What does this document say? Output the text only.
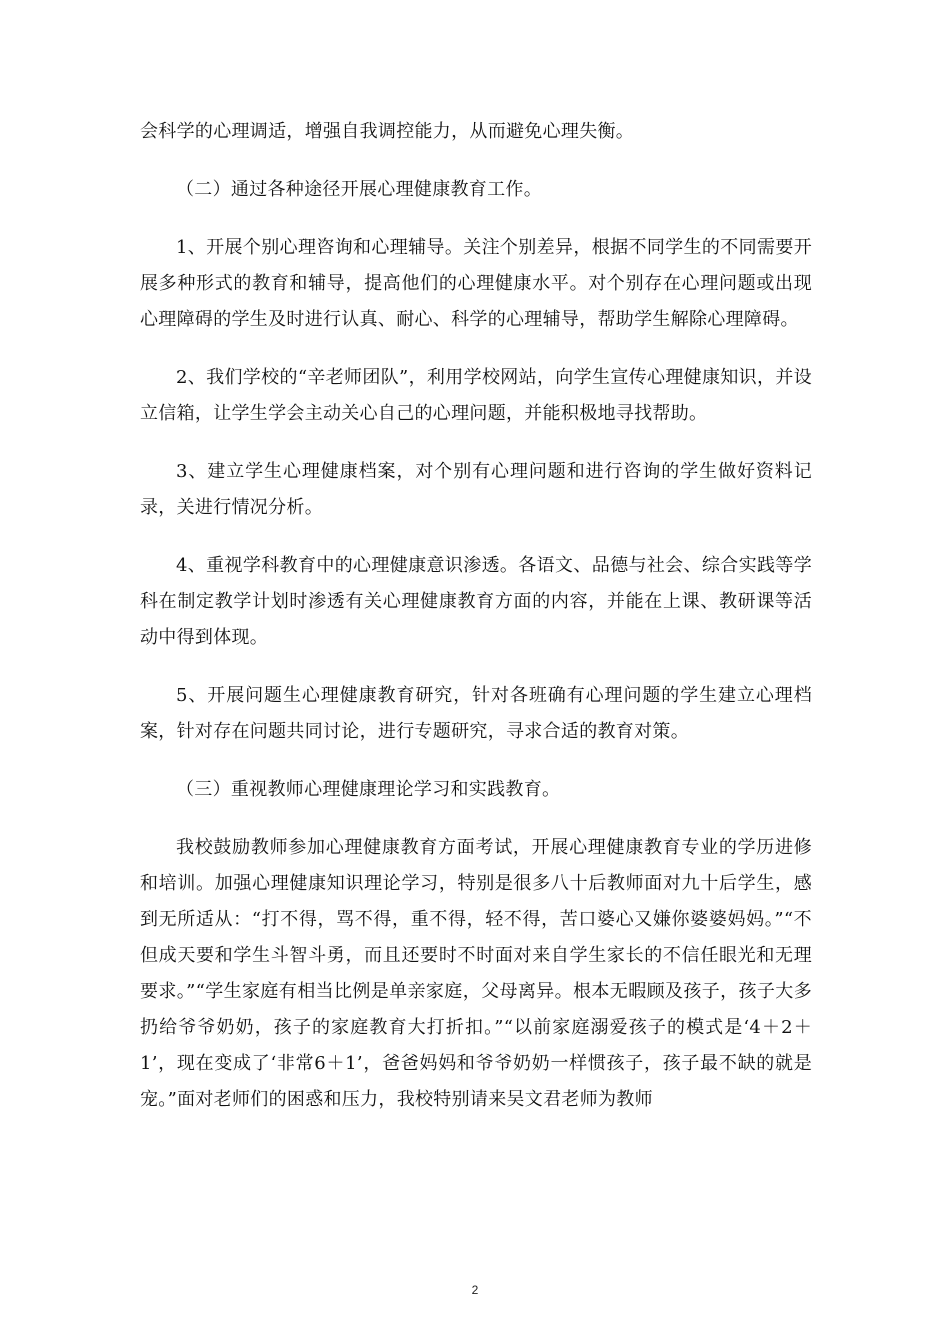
会科学的心理调适，增强自我调控能力，从而避免心理失衡。

（二）通过各种途径开展心理健康教育工作。

1、开展个别心理咨询和心理辅导。关注个别差异，根据不同学生的不同需要开展多种形式的教育和辅导，提高他们的心理健康水平。对个别存在心理问题或出现心理障碍的学生及时进行认真、耐心、科学的心理辅导，帮助学生解除心理障碍。

2、我们学校的“辛老师团队”，利用学校网站，向学生宣传心理健康知识，并设立信箱，让学生学会主动关心自己的心理问题，并能积极地寻找帮助。

3、建立学生心理健康档案，对个别有心理问题和进行咨询的学生做好资料记录，关进行情况分析。

4、重视学科教育中的心理健康意识渗透。各语文、品德与社会、综合实践等学科在制定教学计划时渗透有关心理健康教育方面的内容，并能在上课、教研课等活动中得到体现。

5、开展问题生心理健康教育研究，针对各班确有心理问题的学生建立心理档案，针对存在问题共同讨论，进行专题研究，寻求合适的教育对策。

（三）重视教师心理健康理论学习和实践教育。

我校鼓励教师参加心理健康教育方面考试，开展心理健康教育专业的学历进修和培训。加强心理健康知识理论学习，特别是很多八十后教师面对九十后学生，感到无所适从：“打不得，骂不得，重不得，轻不得，苦口婆心又嫌你婆婆妈妈。”“不但成天要和学生斗智斗勇，而且还要时不时面对来自学生家长的不信任眼光和无理要求。”“学生家庭有相当比例是单亲家庭，父母离异。根本无暇顾及孩子，孩子大多扔给爷爷奶奶，孩子的家庭教育大打折扣。”“以前家庭溺爱孩子的模式是‘4＋2＋1’，现在变成了‘非常6＋1’，爸爸妈妈和爷爷奶奶一样惯孩子，孩子最不缺的就是宠。”面对老师们的困惑和压力，我校特别请来吴文君老师为教师

2
